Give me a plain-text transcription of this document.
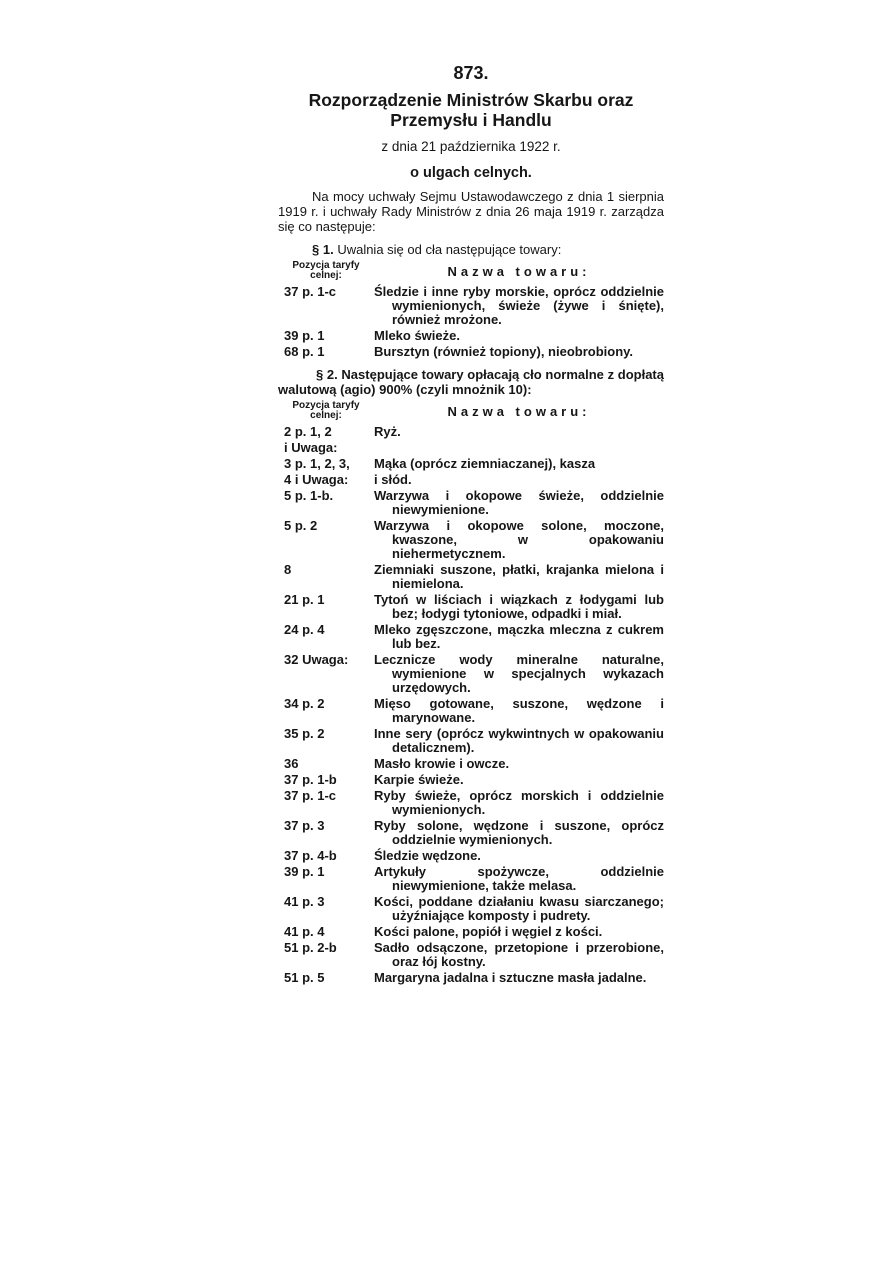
873.
Rozporządzenie Ministrów Skarbu oraz
Przemysłu i Handlu
z dnia 21 października 1922 r.
o ulgach celnych.

Na mocy uchwały Sejmu Ustawodawczego z dnia 1 sierpnia 1919 r. i uchwały Rady Ministrów z dnia 26 maja 1919 r. zarządza się co następuje:

§ 1. Uwalnia się od cła następujące towary:
Pozycja taryfy celnej:	Nazwa towaru:
37 p. 1-c	Śledzie i inne ryby morskie, oprócz oddzielnie wymienionych, świeże (żywe i śnięte), również mrożone.
39 p. 1	Mleko świeże.
68 p. 1	Bursztyn (również topiony), nieobrobiony.

§ 2. Następujące towary opłacają cło normalne z dopłatą walutową (agio) 900% (czyli mnożnik 10):

Pozycja taryfy celnej:	Nazwa towaru:
2 p. 1, 2	Ryż.
i Uwaga:
3 p. 1, 2, 3,	Mąka (oprócz ziemniaczanej), kasza
4 i Uwaga:	i słód.
5 p. 1-b.	Warzywa i okopowe świeże, oddzielnie niewymienione.
5 p. 2	Warzywa i okopowe solone, moczone, kwaszone, w opakowaniu niehermetycznem.
8	Ziemniaki suszone, płatki, krajanka mielona i niemielona.
21 p. 1	Tytoń w liściach i wiązkach z łodygami lub bez; łodygi tytoniowe, odpadki i miał.
24 p. 4	Mleko zgęszczone, mączka mleczna z cukrem lub bez.
32 Uwaga:	Lecznicze wody mineralne naturalne, wymienione w specjalnych wykazach urzędowych.
34 p. 2	Mięso gotowane, suszone, wędzone i marynowane.
35 p. 2	Inne sery (oprócz wykwintnych w opakowaniu detalicznem).
36	Masło krowie i owcze.
37 p. 1-b	Karpie świeże.
37 p. 1-c	Ryby świeże, oprócz morskich i oddzielnie wymienionych.
37 p. 3	Ryby solone, wędzone i suszone, oprócz oddzielnie wymienionych.
37 p. 4-b	Śledzie wędzone.
39 p. 1	Artykuły spożywcze, oddzielnie niewymienione, także melasa.
41 p. 3	Kości, poddane działaniu kwasu siarczanego; użyźniające komposty i pudrety.
41 p. 4	Kości palone, popiół i węgiel z kości.
51 p. 2-b	Sadło odsączone, przetopione i przerobione, oraz łój kostny.
51 p. 5	Margaryna jadalna i sztuczne masła jadalne.
